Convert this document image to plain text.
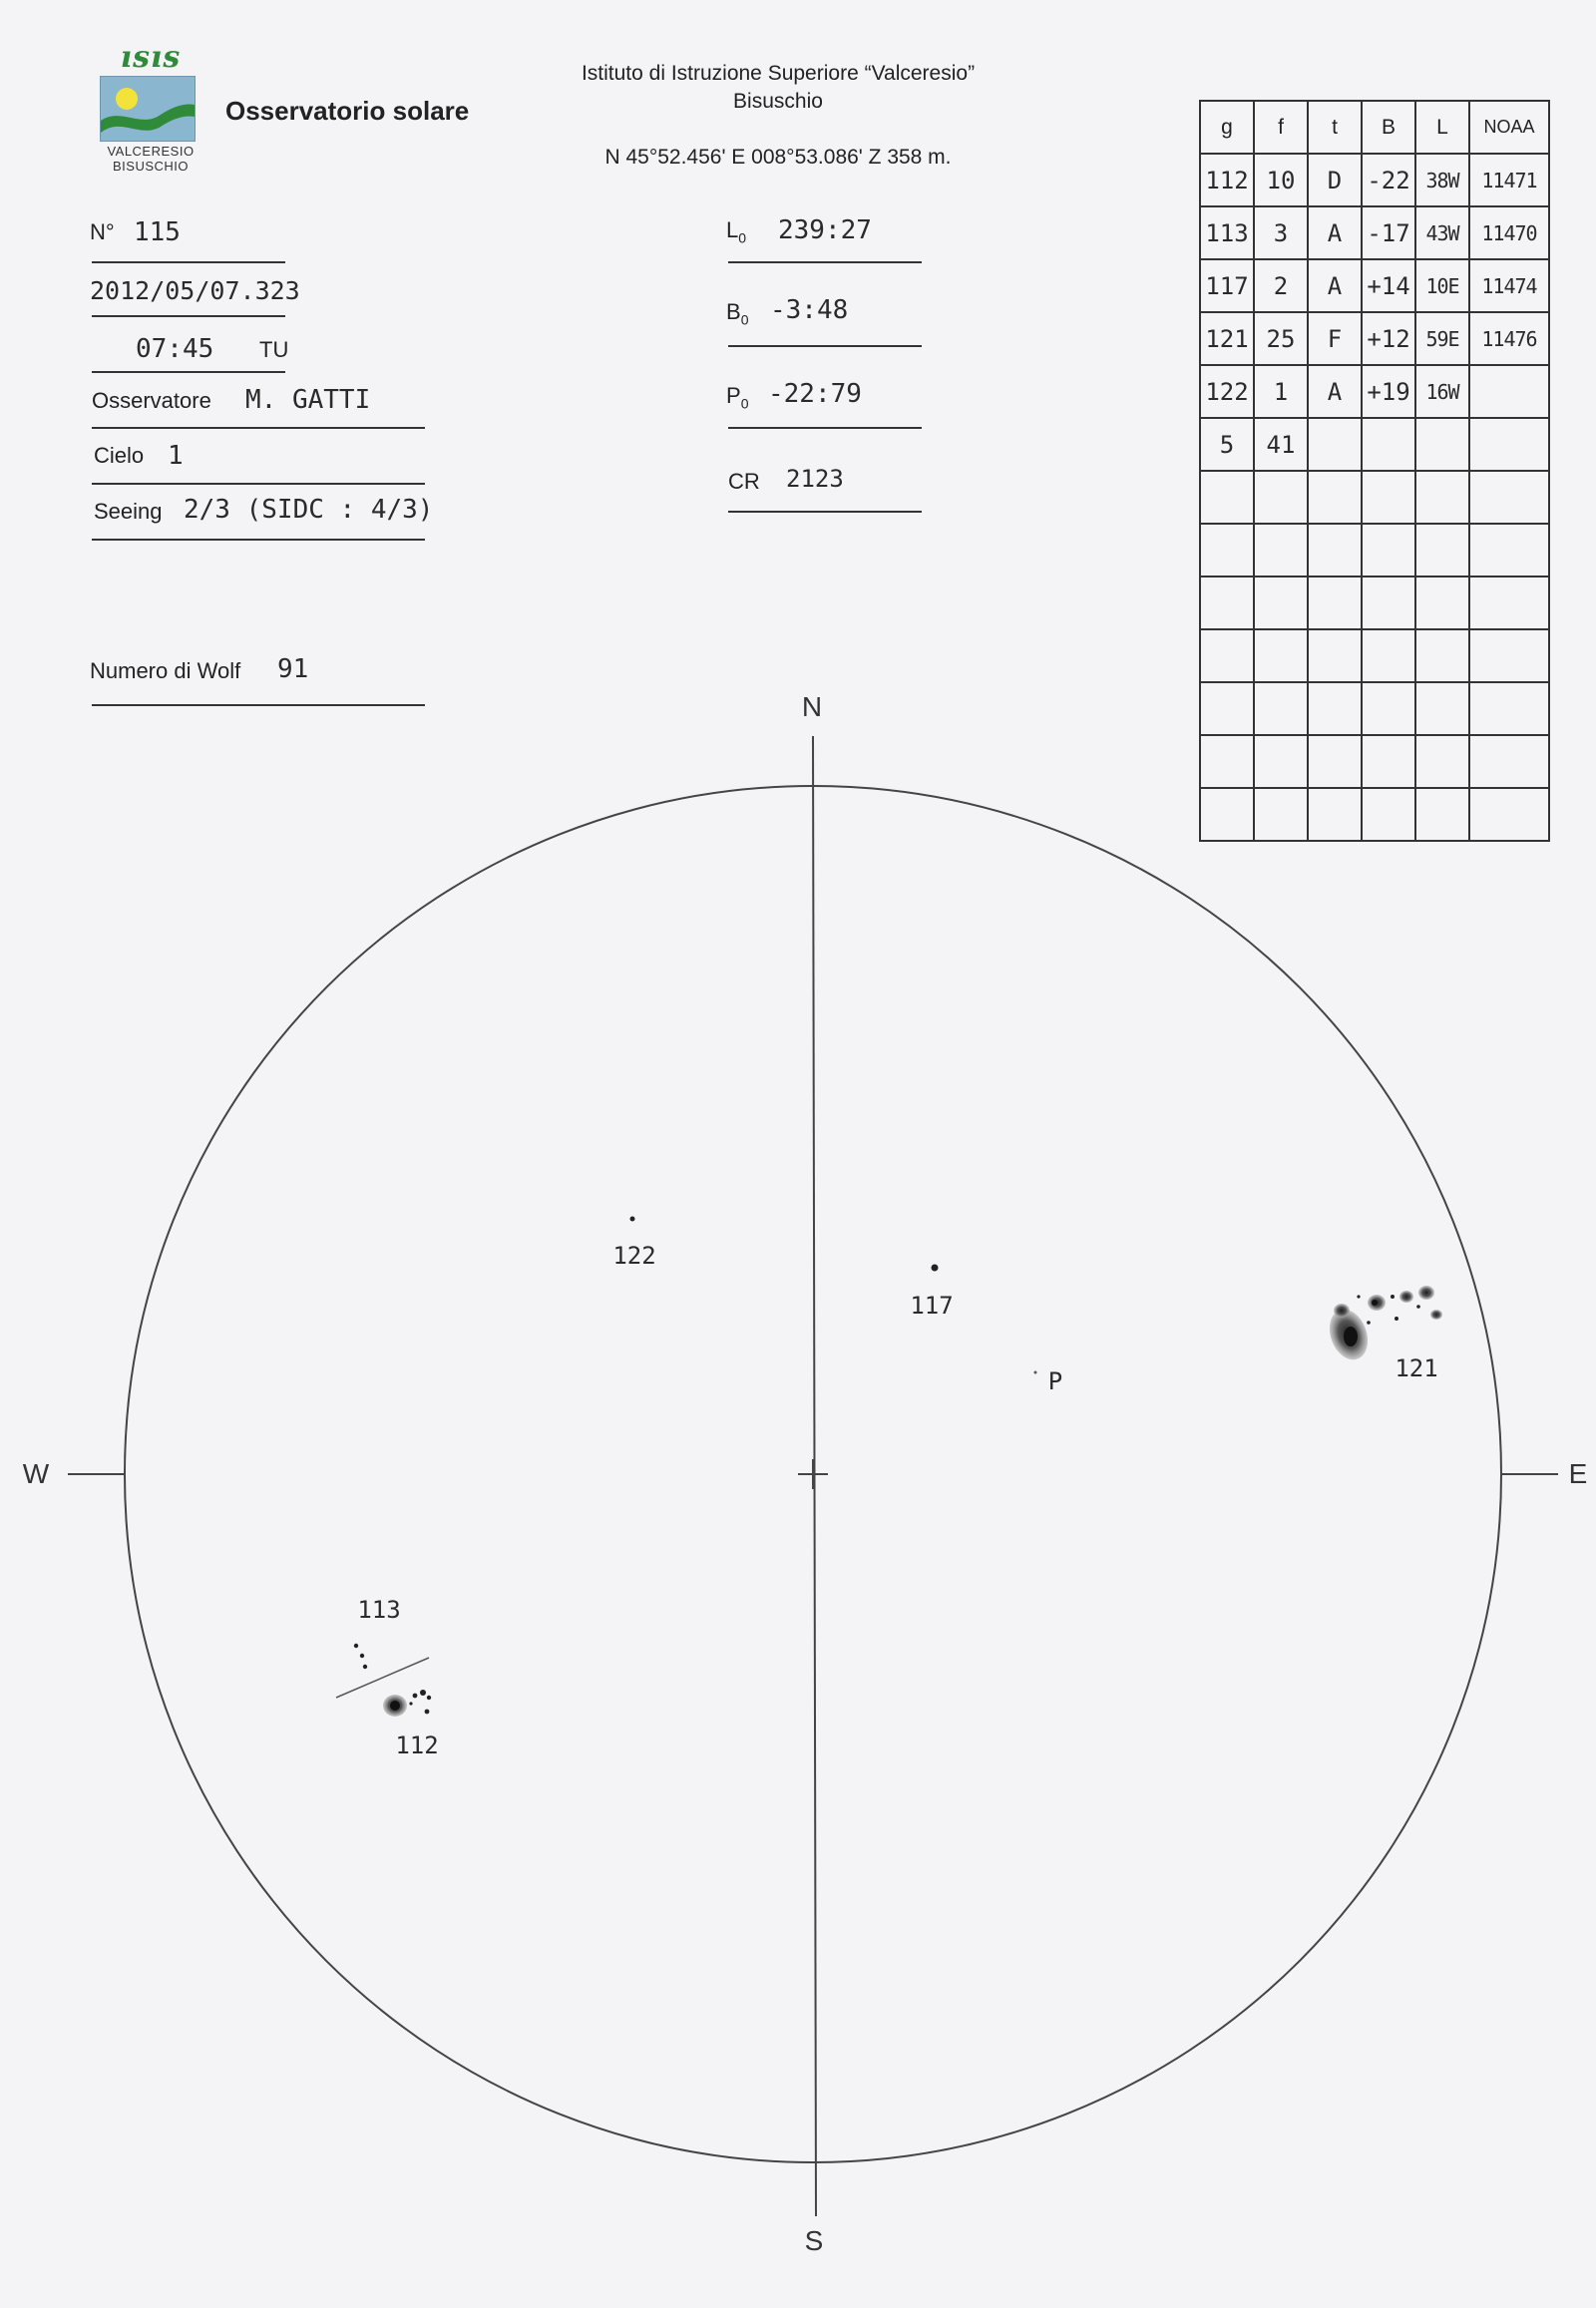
ısıs
VALCERESIO
BISUSCHIO
Osservatorio solare
Istituto di Istruzione Superiore “Valceresio”
Bisuschio
N 45°52.456' E 008°53.086' Z 358 m.
N° 115
2012/05/07.323
07:45 TU
Osservatore M. GATTI
Cielo 1
Seeing 2/3 (SIDC : 4/3)
Numero di Wolf 91
$L_0$ 239:27
$B_0$ -3:48
$P_0$ -22:79
CR 2123
g	f	t	B	L	NOAA
112	10	D	-22	38W	11471
113	3	A	-17	43W	11470
117	2	A	+14	10E	11474
121	25	F	+12	59E	11476
122	1	A	+19	16W	
5	41				

N
S
W	E
P
122
117
121
113
112
